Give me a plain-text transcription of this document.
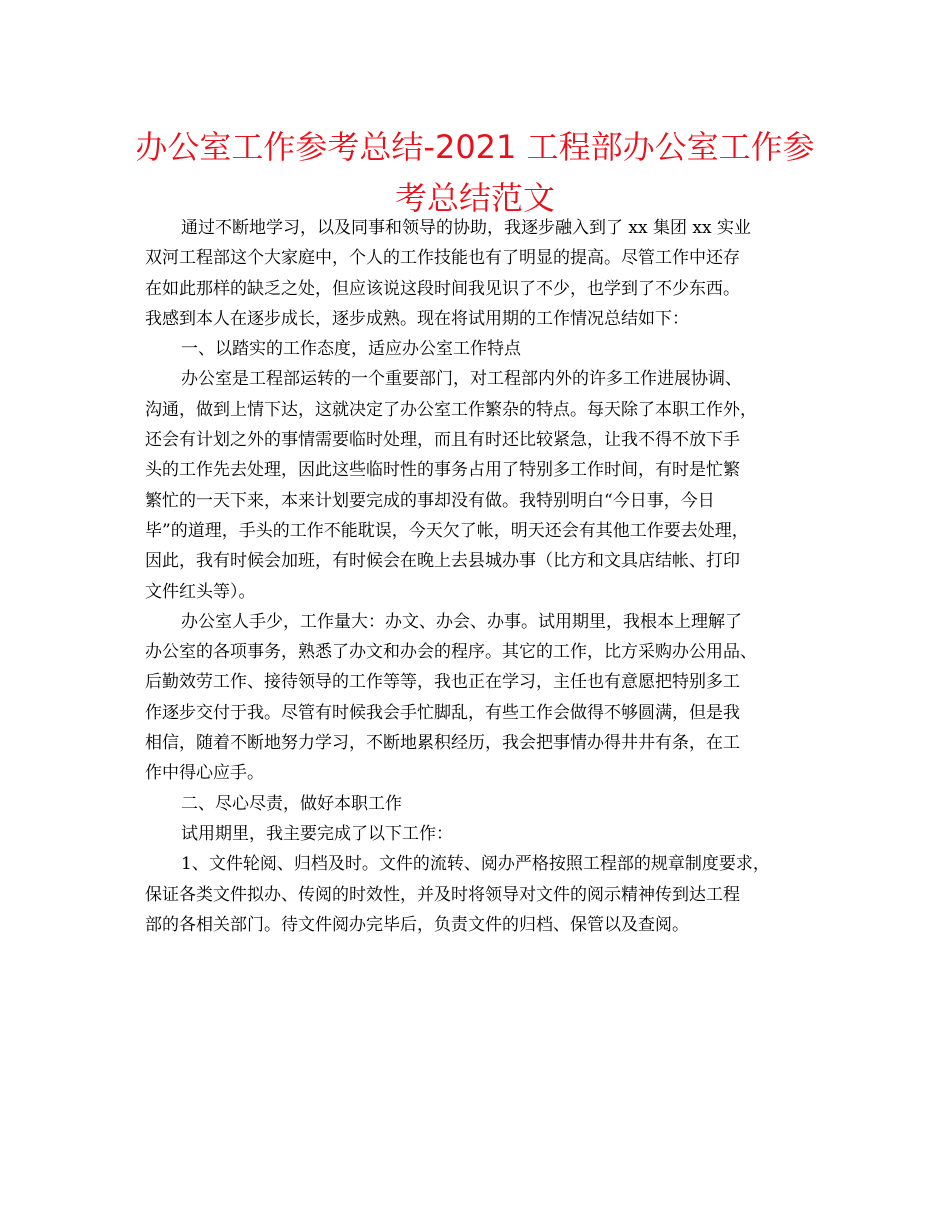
办公室工作参考总结-2021 工程部办公室工作参
考总结范文

通过不断地学习，以及同事和领导的协助，我逐步融入到了 xx 集团 xx 实业
双河工程部这个大家庭中，个人的工作技能也有了明显的提高。尽管工作中还存
在如此那样的缺乏之处，但应该说这段时间我见识了不少，也学到了不少东西。
我感到本人在逐步成长，逐步成熟。现在将试用期的工作情况总结如下：

一、以踏实的工作态度，适应办公室工作特点

办公室是工程部运转的一个重要部门，对工程部内外的许多工作进展协调、
沟通，做到上情下达，这就决定了办公室工作繁杂的特点。每天除了本职工作外，
还会有计划之外的事情需要临时处理，而且有时还比较紧急，让我不得不放下手
头的工作先去处理，因此这些临时性的事务占用了特别多工作时间，有时是忙繁
繁忙的一天下来，本来计划要完成的事却没有做。我特别明白“今日事，今日
毕”的道理，手头的工作不能耽误，今天欠了帐，明天还会有其他工作要去处理，
因此，我有时候会加班，有时候会在晚上去县城办事（比方和文具店结帐、打印
文件红头等）。

办公室人手少，工作量大：办文、办会、办事。试用期里，我根本上理解了
办公室的各项事务，熟悉了办文和办会的程序。其它的工作，比方采购办公用品、
后勤效劳工作、接待领导的工作等等，我也正在学习，主任也有意愿把特别多工
作逐步交付于我。尽管有时候我会手忙脚乱，有些工作会做得不够圆满，但是我
相信，随着不断地努力学习，不断地累积经历，我会把事情办得井井有条，在工
作中得心应手。

二、尽心尽责，做好本职工作

试用期里，我主要完成了以下工作：

1、文件轮阅、归档及时。文件的流转、阅办严格按照工程部的规章制度要求，
保证各类文件拟办、传阅的时效性，并及时将领导对文件的阅示精神传到达工程
部的各相关部门。待文件阅办完毕后，负责文件的归档、保管以及查阅。
